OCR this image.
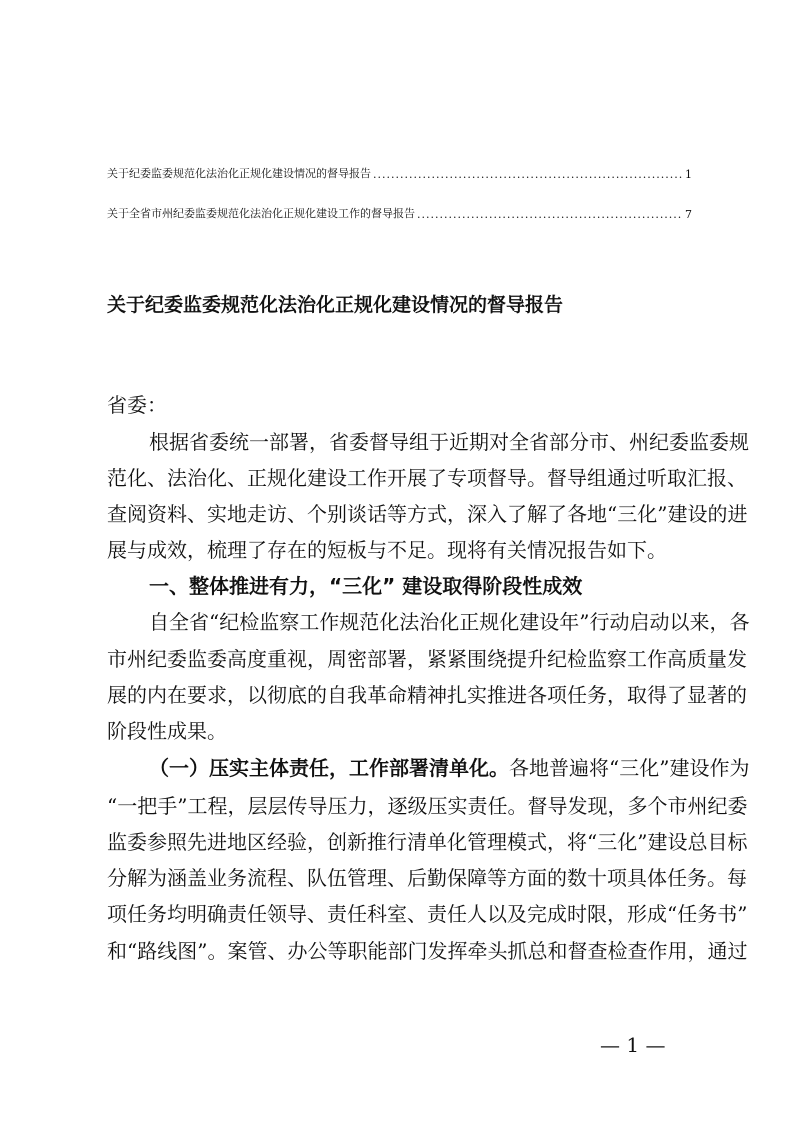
关于纪委监委规范化法治化正规化建设情况的督导报告 .....	1
关于全省市州纪委监委规范化法治化正规化建设工作的督导报告 .....	7
关于纪委监委规范化法治化正规化建设情况的督导报告
省委：
根据省委统一部署，省委督导组于近期对全省部分市、州纪委监委规
范化、法治化、正规化建设工作开展了专项督导。督导组通过听取汇报、
查阅资料、实地走访、个别谈话等方式，深入了解了各地“三化”建设的进
展与成效，梳理了存在的短板与不足。现将有关情况报告如下。
一、整体推进有力，“三化” 建设取得阶段性成效
自全省“纪检监察工作规范化法治化正规化建设年”行动启动以来，各
市州纪委监委高度重视，周密部署，紧紧围绕提升纪检监察工作高质量发
展的内在要求，以彻底的自我革命精神扎实推进各项任务，取得了显著的
阶段性成果。
（一）压实主体责任，工作部署清单化。各地普遍将“三化”建设作为
“一把手”工程，层层传导压力，逐级压实责任。督导发现，多个市州纪委
监委参照先进地区经验，创新推行清单化管理模式，将“三化”建设总目标
分解为涵盖业务流程、队伍管理、后勤保障等方面的数十项具体任务。每
项任务均明确责任领导、责任科室、责任人以及完成时限，形成“任务书”
和“路线图”。案管、办公等职能部门发挥牵头抓总和督查检查作用，通过
— 1 —
